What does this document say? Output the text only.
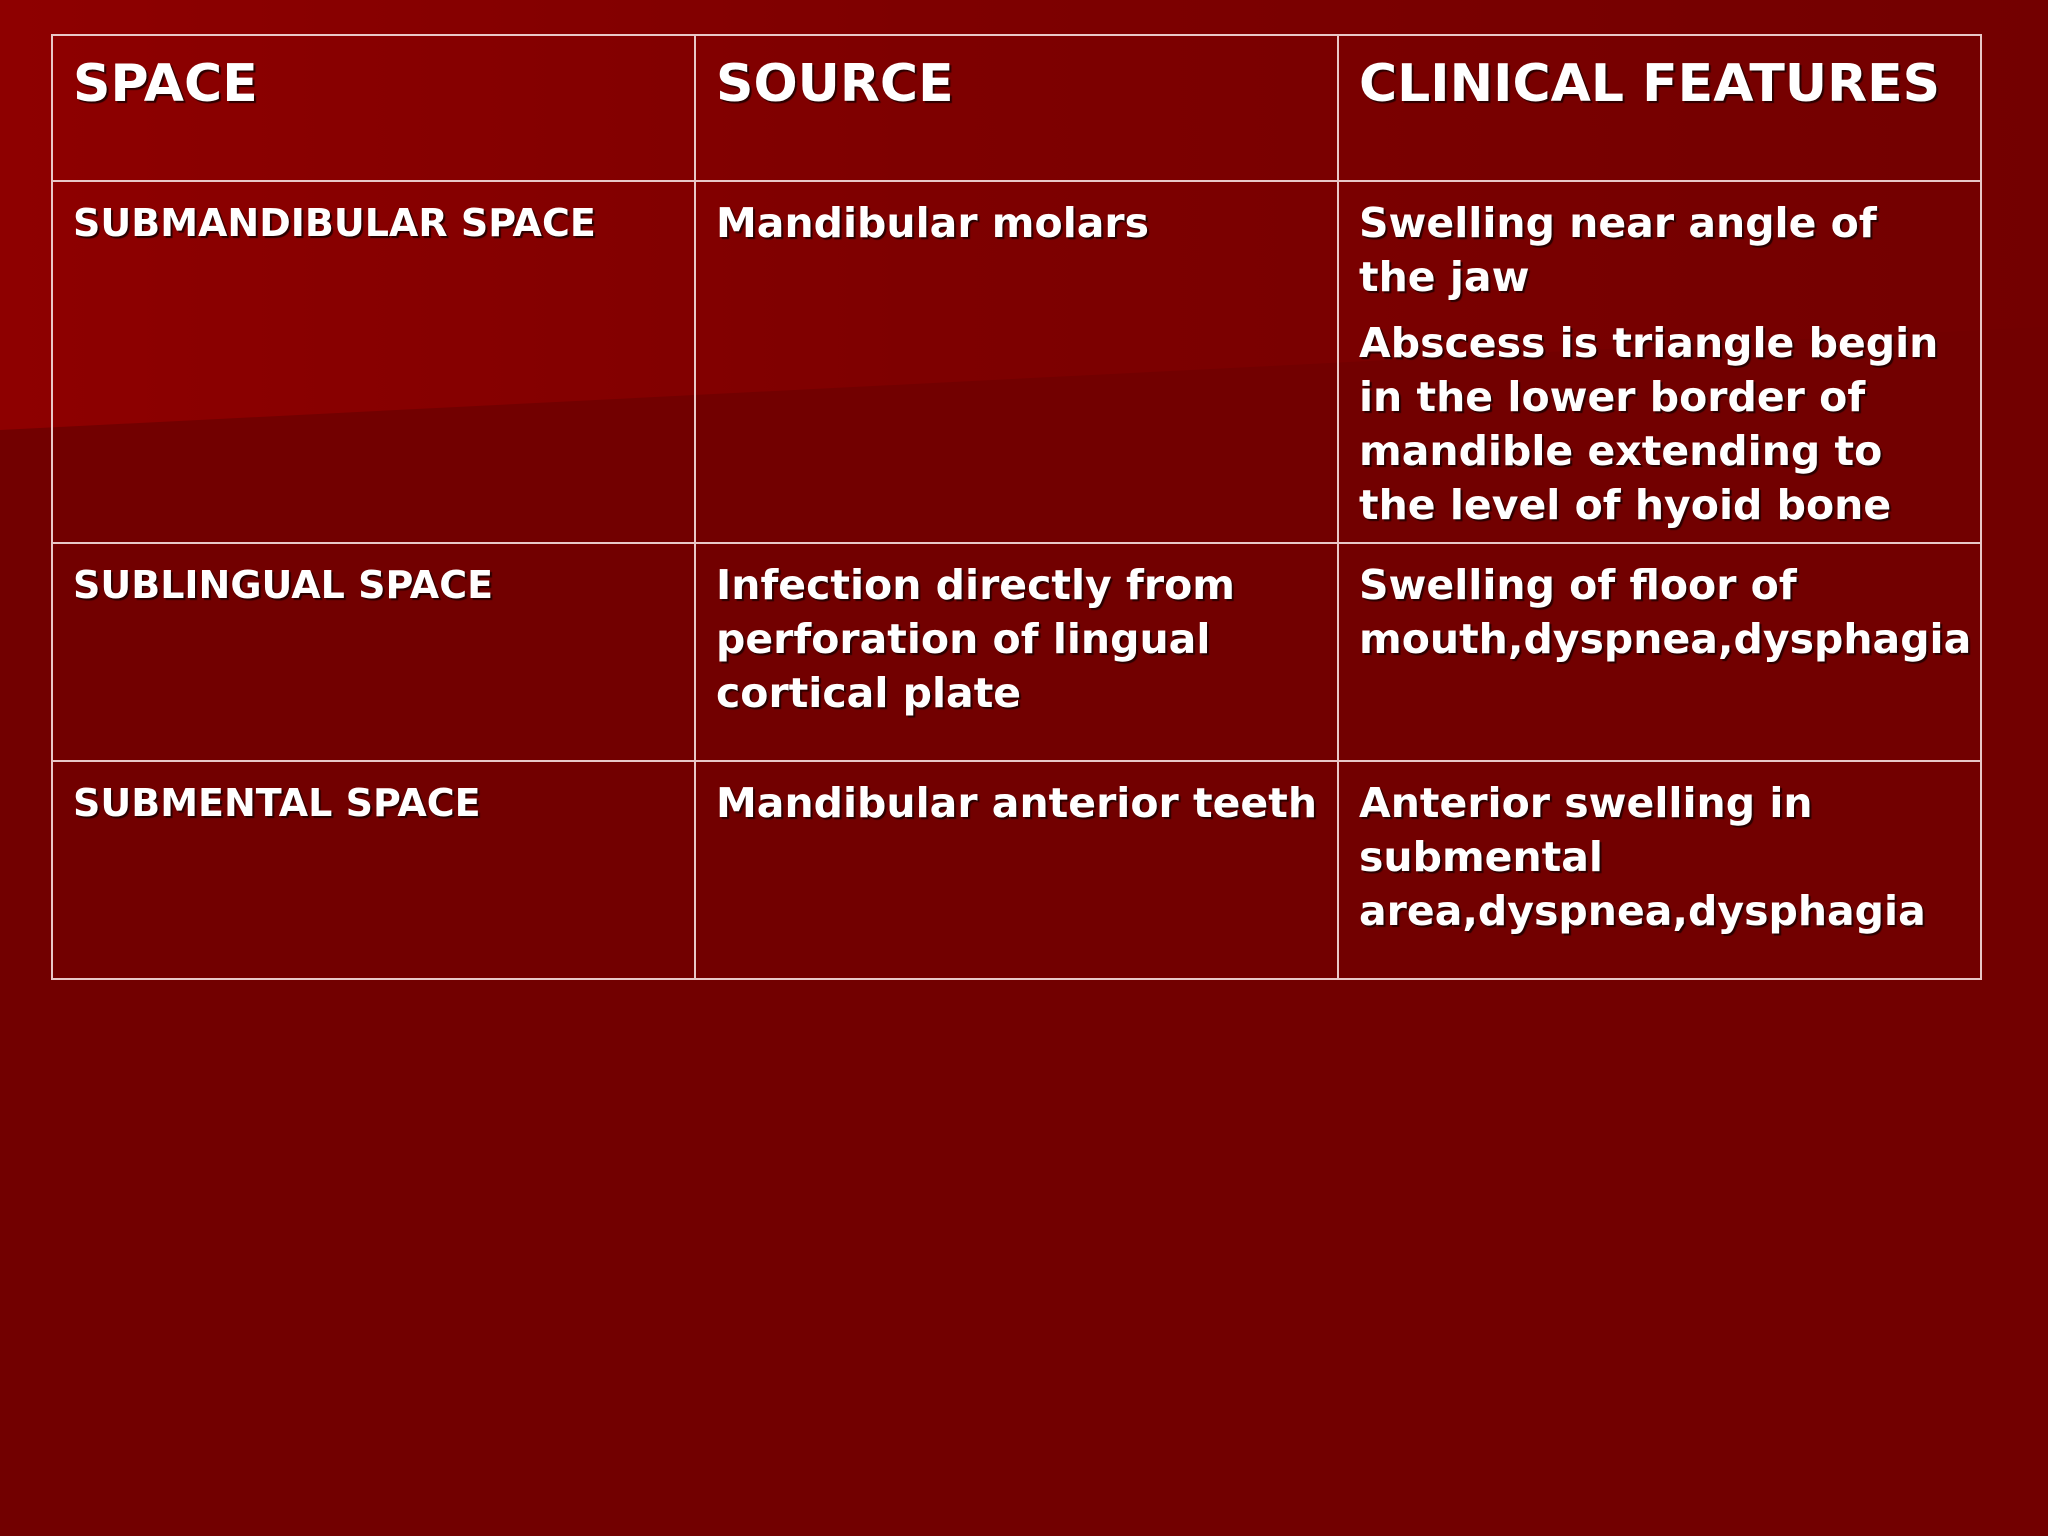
SPACE	SOURCE	CLINICAL FEATURES
SUBMANDIBULAR SPACE	Mandibular molars	Swelling near angle of the jaw
Abscess is triangle begin in the lower border of mandible extending to the level of hyoid bone

SUBLINGUAL SPACE	Infection directly from perforation of lingual cortical plate	Swelling of floor of mouth,dyspnea,dysphagia

SUBMENTAL SPACE	Mandibular anterior teeth	Anterior swelling in submental area,dyspnea,dysphagia
